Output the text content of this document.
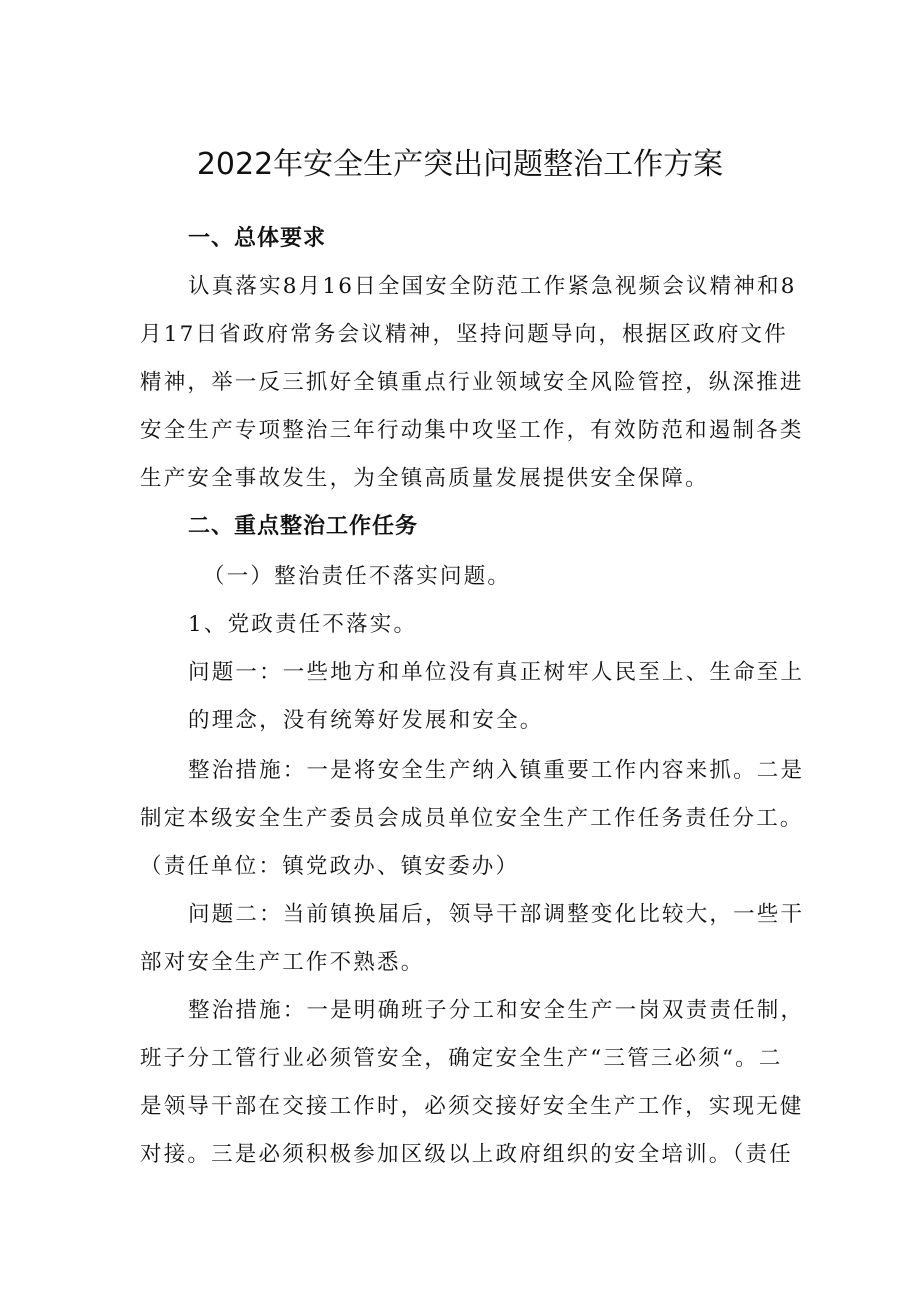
2022年安全生产突出问题整治工作方案
一、总体要求
认真落实8月16日全国安全防范工作紧急视频会议精神和8
月17日省政府常务会议精神，坚持问题导向，根据区政府文件
精神，举一反三抓好全镇重点行业领域安全风险管控，纵深推进
安全生产专项整治三年行动集中攻坚工作，有效防范和遏制各类
生产安全事故发生，为全镇高质量发展提供安全保障。
二、重点整治工作任务
（一）整治责任不落实问题。
1、党政责任不落实。
问题一：一些地方和单位没有真正树牢人民至上、生命至上
的理念，没有统筹好发展和安全。
整治措施：一是将安全生产纳入镇重要工作内容来抓。二是
制定本级安全生产委员会成员单位安全生产工作任务责任分工。
（责任单位：镇党政办、镇安委办）
问题二：当前镇换届后，领导干部调整变化比较大，一些干
部对安全生产工作不熟悉。
整治措施：一是明确班子分工和安全生产一岗双责责任制，
班子分工管行业必须管安全，确定安全生产“三管三必须“。二
是领导干部在交接工作时，必须交接好安全生产工作，实现无健
对接。三是必须积极参加区级以上政府组织的安全培训。（责任
